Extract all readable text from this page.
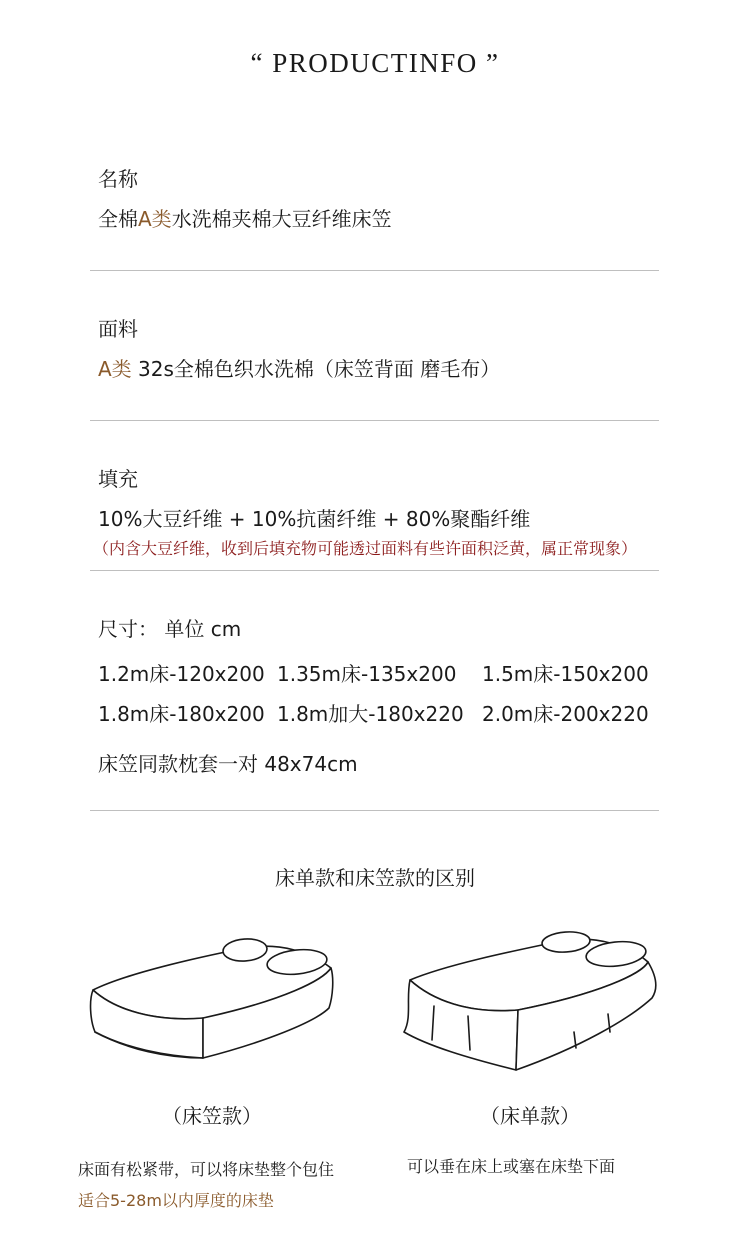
“ PRODUCTINFO ”
名称
全棉A类水洗棉夹棉大豆纤维床笠
面料
A类 32s全棉色织水洗棉（床笠背面 磨毛布）
填充
10%大豆纤维 + 10%抗菌纤维 + 80%聚酯纤维
（内含大豆纤维，收到后填充物可能透过面料有些许面积泛黄，属正常现象）
尺寸： 单位 cm
1.2m床-120x200 1.35m床-135x200 1.5m床-150x200
1.8m床-180x200 1.8m加大-180x220 2.0m床-200x220
床笠同款枕套一对 48x74cm
床单款和床笠款的区别
（床笠款）	（床单款）
床面有松紧带，可以将床垫整个包住
适合5-28m以内厚度的床垫
可以垂在床上或塞在床垫下面
